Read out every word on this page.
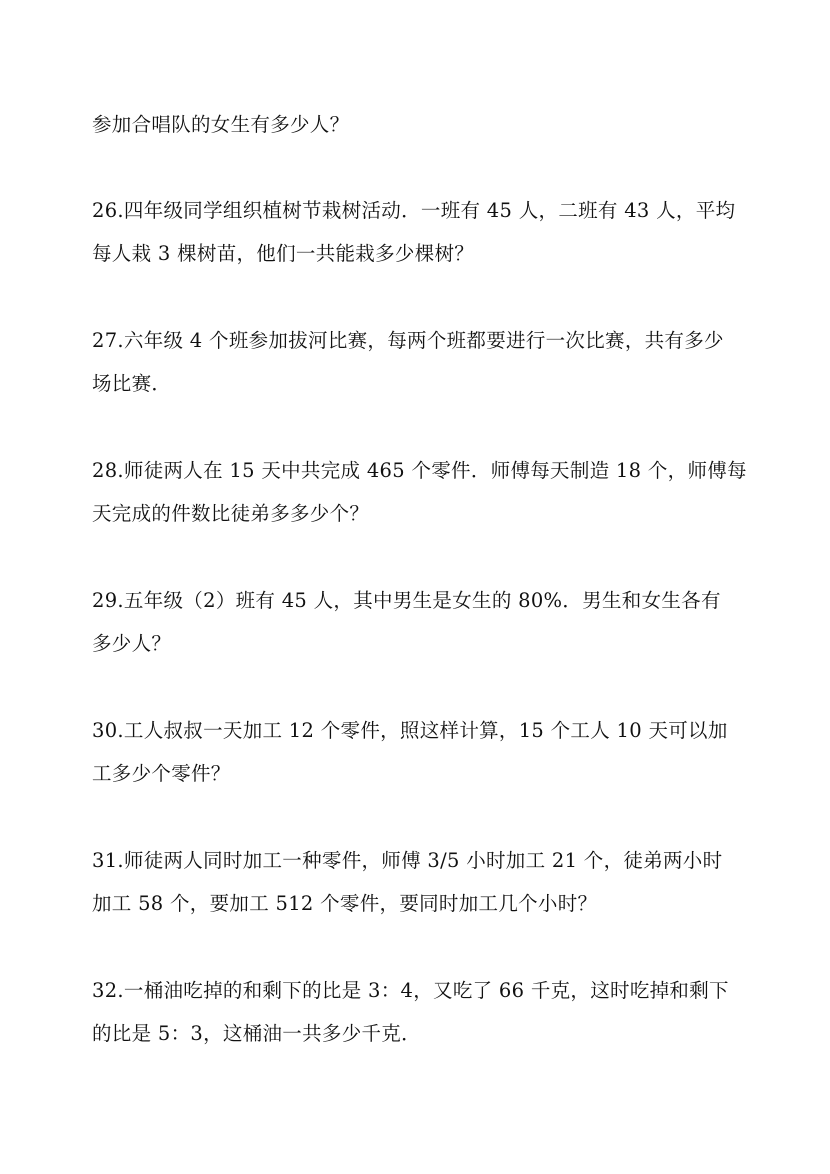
参加合唱队的女生有多少人？
26.四年级同学组织植树节栽树活动．一班有 45 人，二班有 43 人，平均
每人栽 3 棵树苗，他们一共能栽多少棵树？
27.六年级 4 个班参加拔河比赛，每两个班都要进行一次比赛，共有多少
场比赛．
28.师徒两人在 15 天中共完成 465 个零件．师傅每天制造 18 个，师傅每
天完成的件数比徒弟多多少个？
29.五年级（2）班有 45 人，其中男生是女生的 80%．男生和女生各有
多少人？
30.工人叔叔一天加工 12 个零件，照这样计算，15 个工人 10 天可以加
工多少个零件？
31.师徒两人同时加工一种零件，师傅 3/5 小时加工 21 个，徒弟两小时
加工 58 个，要加工 512 个零件，要同时加工几个小时？
32.一桶油吃掉的和剩下的比是 3：4，又吃了 66 千克，这时吃掉和剩下
的比是 5：3，这桶油一共多少千克．
